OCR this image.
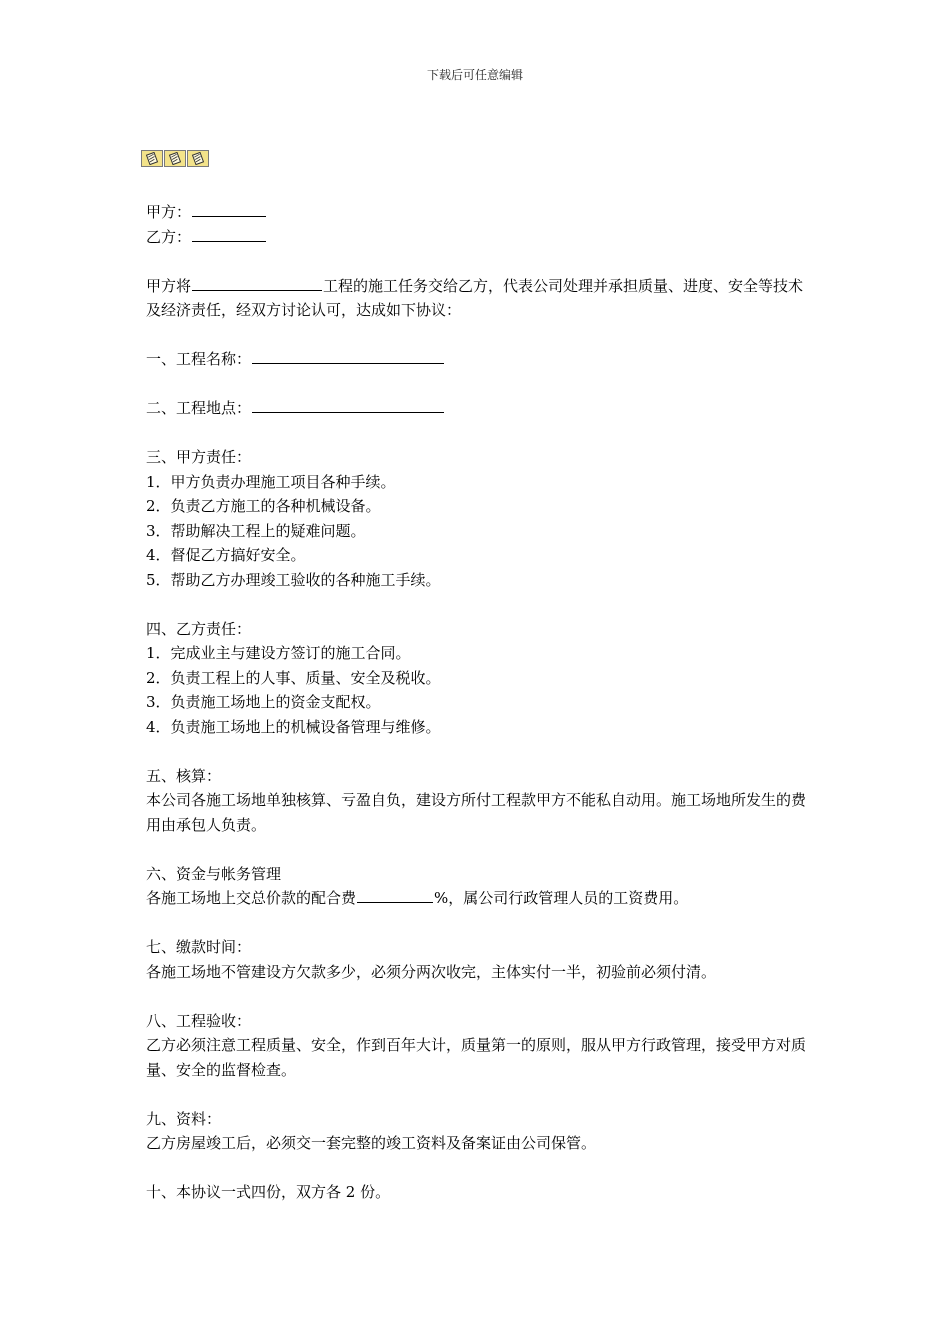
下载后可任意编辑
甲方：
乙方：
甲方将	工程的施工任务交给乙方，代表公司处理并承担质量、进度、安全等技术及经济责任，经双方讨论认可，达成如下协议：
一、工程名称：
二、工程地点：
三、甲方责任：
1．甲方负责办理施工项目各种手续。
2．负责乙方施工的各种机械设备。
3．帮助解决工程上的疑难问题。
4．督促乙方搞好安全。
5．帮助乙方办理竣工验收的各种施工手续。
四、乙方责任：
1．完成业主与建设方签订的施工合同。
2．负责工程上的人事、质量、安全及税收。
3．负责施工场地上的资金支配权。
4．负责施工场地上的机械设备管理与维修。
五、核算：
本公司各施工场地单独核算、亏盈自负，建设方所付工程款甲方不能私自动用。施工场地所发生的费用由承包人负责。
六、资金与帐务管理
各施工场地上交总价款的配合费	%，属公司行政管理人员的工资费用。
七、缴款时间：
各施工场地不管建设方欠款多少，必须分两次收完，主体实付一半，初验前必须付清。
八、工程验收：
乙方必须注意工程质量、安全，作到百年大计，质量第一的原则，服从甲方行政管理，接受甲方对质量、安全的监督检查。
九、资料：
乙方房屋竣工后，必须交一套完整的竣工资料及备案证由公司保管。
十、本协议一式四份，双方各 2 份。
